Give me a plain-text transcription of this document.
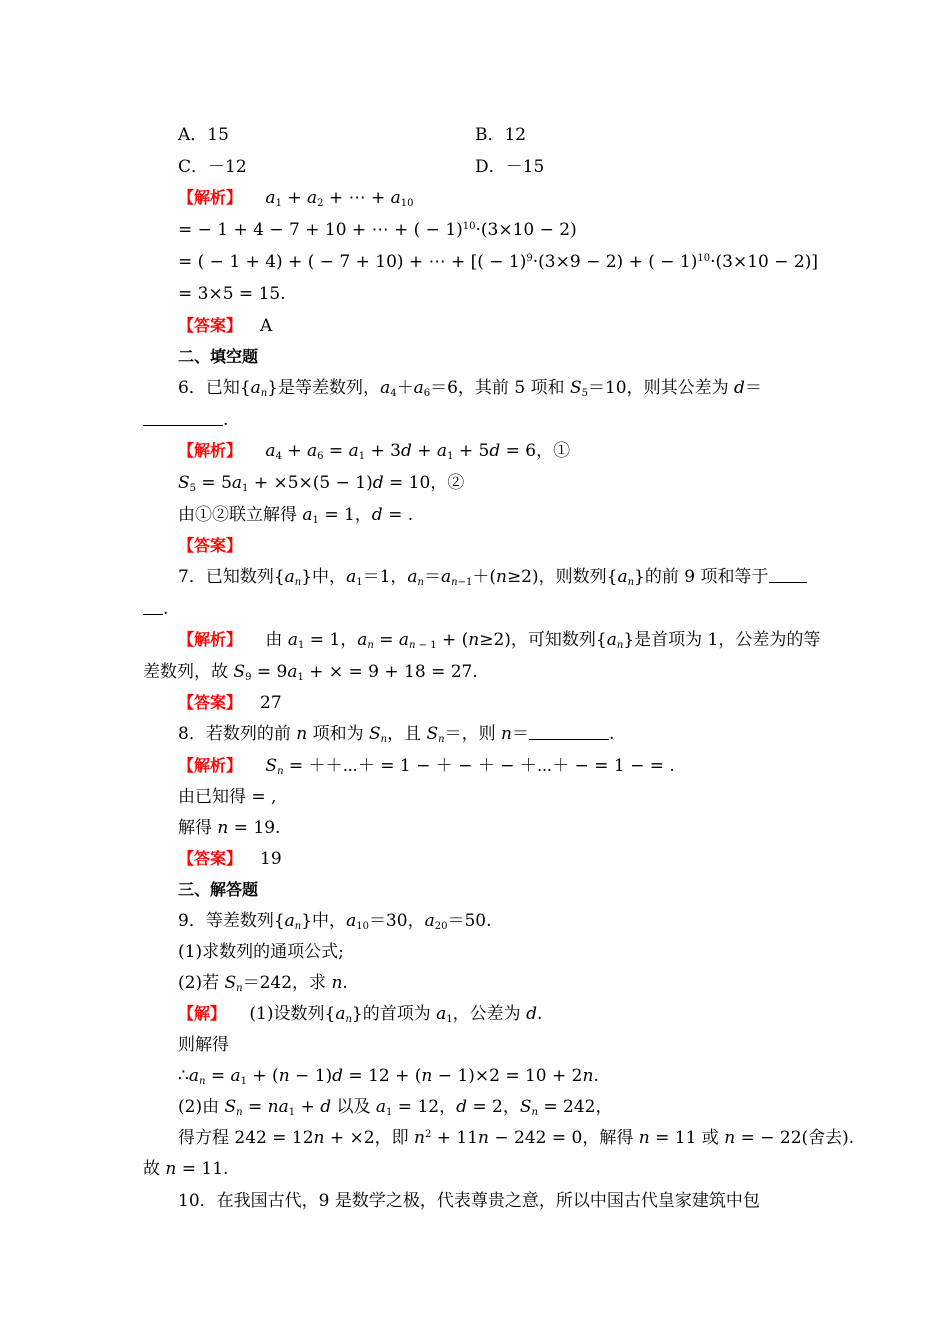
A．15	B．12
C．－12	D．－15
【解析】 $a_1 + a_2$ + ⋯ + $a_{10}$
= − 1 + 4 − 7 + 10 + ⋯ + ( − 1)$^{10}$·(3×10 − 2)
= ( − 1 + 4) + ( − 7 + 10) + ⋯ + [( − 1)$^9$·(3×9 − 2) + ( − 1)$^{10}$·(3×10 − 2)]
= 3×5 = 15.
【答案】 A
二、填空题
6．已知$\{a_n\}$是等差数列，$a_4+a_6=6$，其前 5 项和 $S_5=10$，则其公差为 d＝
.
【解析】 $a_4 + a_6 = a_1 + 3d + a_1 + 5d = 6$，①
$S_5 = 5a_1 + \times 5\times(5 - 1)d = 10$，②
由①②联立解得 $a_1 = 1$，d = .
【答案】
7．已知数列$\{a_n\}$中，$a_1=1$，$a_n=a_{n-1}+(n\ge 2)$，则数列$\{a_n\}$的前 9 项和等于
.
【解析】 由 $a_1 = 1$，$a_n = a_{n - 1} + (n\ge 2)$，可知数列$\{a_n\}$是首项为 1，公差为的等
差数列，故 $S_9 = 9a_1$ + × = 9 + 18 = 27.
【答案】 27
8．若数列的前 n 项和为 $S_n$，且 $S_n=$，则 n＝	.
【解析】 $S_n$ = ＋＋⋯＋ = 1 − ＋ − ＋ − ＋⋯＋ − = 1 − = .
由已知得 = ,
解得 n = 19.
【答案】 19
三、解答题
9．等差数列$\{a_n\}$中，$a_{10}=30$，$a_{20}=50$.
(1)求数列的通项公式;
(2)若 $S_n=242$，求 n.
【解】 (1)设数列$\{a_n\}$的首项为 $a_1$，公差为 d.
则解得
$\therefore a_n = a_1 + (n - 1)d = 12 + (n - 1)\times 2 = 10 + 2n$.
(2)由 $S_n = na_1 + d$ 以及 $a_1 = 12$，d = 2，$S_n = 242$，
得方程 242 = 12n + ×2，即 $n^2 + 11n - 242 = 0$，解得 n = 11 或 n = − 22(舍去).
故 n = 11.
10．在我国古代，9 是数学之极，代表尊贵之意，所以中国古代皇家建筑中包
